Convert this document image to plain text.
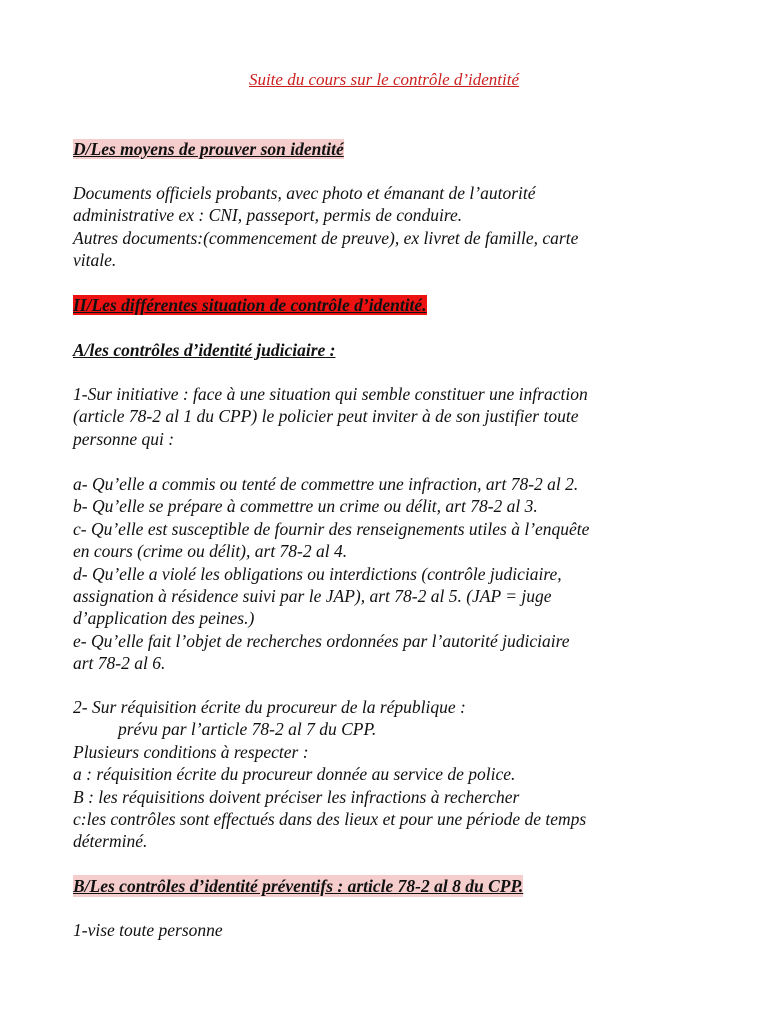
Suite du cours sur le contrôle d’identité

D/Les moyens de prouver son identité

Documents officiels probants, avec photo et émanant de l’autorité

administrative ex : CNI, passeport, permis de conduire.

Autres documents:(commencement de preuve), ex livret de famille, carte

vitale.

II/Les différentes situation de contrôle d’identité.

A/les contrôles d’identité judiciaire :

1-Sur initiative : face à une situation qui semble constituer une infraction

(article 78-2 al 1 du CPP) le policier peut inviter à de son justifier toute

personne qui :

a- Qu’elle a commis ou tenté de commettre une infraction, art 78-2 al 2.

b- Qu’elle se prépare à commettre un crime ou délit, art 78-2 al 3.

c- Qu’elle est susceptible de fournir des renseignements utiles à l’enquête

en cours (crime ou délit), art 78-2 al 4.

d- Qu’elle a violé les obligations ou interdictions (contrôle judiciaire,

assignation à résidence suivi par le JAP), art 78-2 al 5. (JAP = juge

d’application des peines.)

e- Qu’elle fait l’objet de recherches ordonnées par l’autorité judiciaire

art 78-2 al 6.

2- Sur réquisition écrite du procureur de la république :

prévu par l’article 78-2 al 7 du CPP.

Plusieurs conditions à respecter :

a : réquisition écrite du procureur donnée au service de police.

B : les réquisitions doivent préciser les infractions à rechercher

c:les contrôles sont effectués dans des lieux et pour une période de temps

déterminé.

B/Les contrôles d’identité préventifs : article 78-2 al 8 du CPP.

1-vise toute personne
